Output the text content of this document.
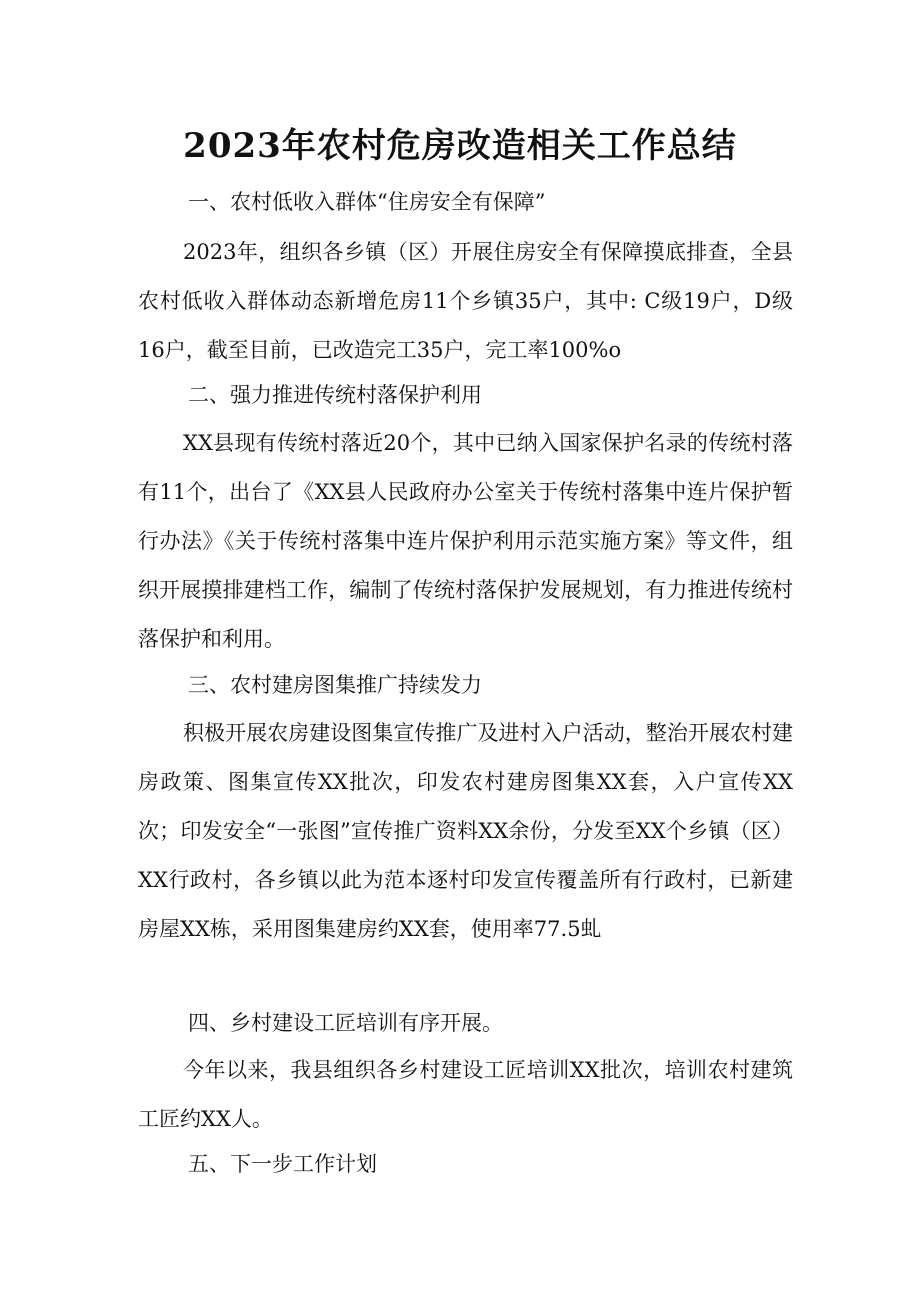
2023年农村危房改造相关工作总结

一、农村低收入群体“住房安全有保障”

2023年，组织各乡镇（区）开展住房安全有保障摸底排查，全县农村低收入群体动态新增危房11个乡镇35户，其中: C级19户，D级16户，截至目前，已改造完工35户，完工率100%o

二、强力推进传统村落保护利用

XX县现有传统村落近20个，其中已纳入国家保护名录的传统村落有11个，出台了《XX县人民政府办公室关于传统村落集中连片保护暂行办法》《关于传统村落集中连片保护利用示范实施方案》等文件，组织开展摸排建档工作，编制了传统村落保护发展规划，有力推进传统村落保护和利用。

三、农村建房图集推广持续发力

积极开展农房建设图集宣传推广及进村入户活动，整治开展农村建房政策、图集宣传XX批次，印发农村建房图集XX套，入户宣传XX次；印发安全“一张图”宣传推广资料XX余份，分发至XX个乡镇（区）XX行政村，各乡镇以此为范本逐村印发宣传覆盖所有行政村，已新建房屋XX栋，采用图集建房约XX套，使用率77.5虬

四、乡村建设工匠培训有序开展。

今年以来，我县组织各乡村建设工匠培训XX批次，培训农村建筑工匠约XX人。

五、下一步工作计划
